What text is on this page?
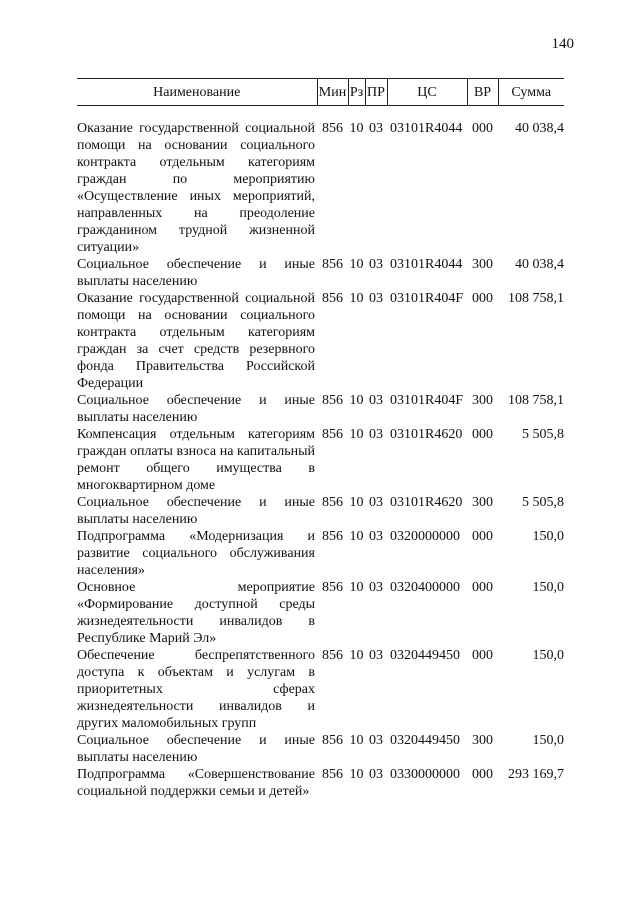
140
Наименование	Мин	Рз	ПР	ЦС	ВР	Сумма

Оказание государственной социальной помощи на основании социального контракта отдельным категориям граждан по мероприятию «Осуществление иных мероприятий, направленных на преодоление гражданином трудной жизненной ситуации»	856	10	03	03101R4044	000	40 038,4
Социальное обеспечение и иные выплаты населению	856	10	03	03101R4044	300	40 038,4
Оказание государственной социальной помощи на основании социального контракта отдельным категориям граждан за счет средств резервного фонда Правительства Российской Федерации	856	10	03	03101R404F	000	108 758,1
Социальное обеспечение и иные выплаты населению	856	10	03	03101R404F	300	108 758,1
Компенсация отдельным категориям граждан оплаты взноса на капитальный ремонт общего имущества в многоквартирном доме	856	10	03	03101R4620	000	5 505,8
Социальное обеспечение и иные выплаты населению	856	10	03	03101R4620	300	5 505,8
Подпрограмма «Модернизация и развитие социального обслуживания населения»	856	10	03	0320000000	000	150,0
Основное мероприятие «Формирование доступной среды жизнедеятельности инвалидов в Республике Марий Эл»	856	10	03	0320400000	000	150,0
Обеспечение беспрепятственного доступа к объектам и услугам в приоритетных сферах жизнедеятельности инвалидов и других маломобильных групп	856	10	03	0320449450	000	150,0
Социальное обеспечение и иные выплаты населению	856	10	03	0320449450	300	150,0
Подпрограмма «Совершенствование социальной поддержки семьи и детей»	856	10	03	0330000000	000	293 169,7
